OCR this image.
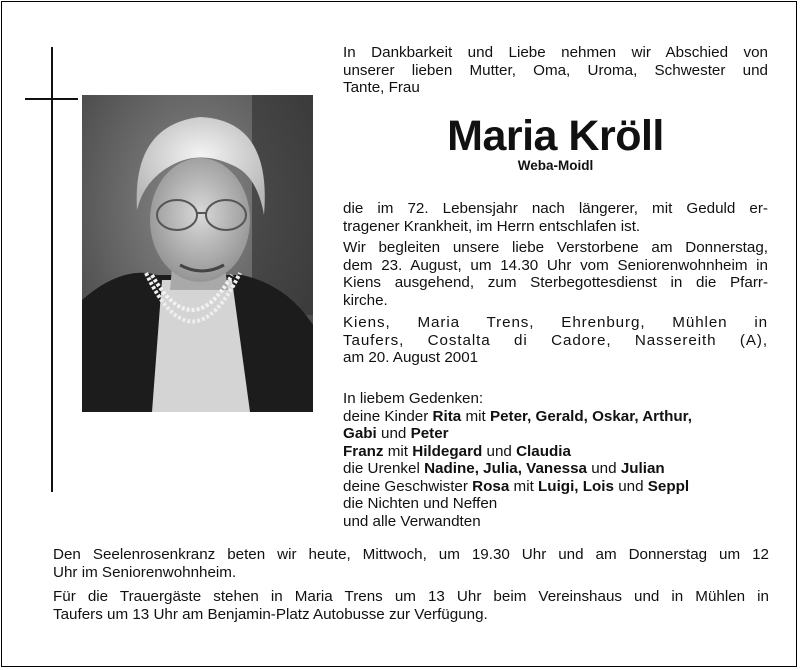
In Dankbarkeit und Liebe nehmen wir Abschied von
unserer lieben Mutter, Oma, Uroma, Schwester und
Tante, Frau
Maria Kröll
Weba-Moidl
die im 72. Lebensjahr nach längerer, mit Geduld er-
tragener Krankheit, im Herrn entschlafen ist.
Wir begleiten unsere liebe Verstorbene am Donnerstag,
dem 23. August, um 14.30 Uhr vom Seniorenwohnheim in
Kiens ausgehend, zum Sterbegottesdienst in die Pfarr-
kirche.
Kiens, Maria Trens, Ehrenburg, Mühlen in
Taufers, Costalta di Cadore, Nassereith (A),
am 20. August 2001
In liebem Gedenken:
deine Kinder Rita mit Peter, Gerald, Oskar, Arthur,
Gabi und Peter
Franz mit Hildegard und Claudia
die Urenkel Nadine, Julia, Vanessa und Julian
deine Geschwister Rosa mit Luigi, Lois und Seppl
die Nichten und Neffen
und alle Verwandten
Den Seelenrosenkranz beten wir heute, Mittwoch, um 19.30 Uhr und am Donnerstag um 12
Uhr im Seniorenwohnheim.
Für die Trauergäste stehen in Maria Trens um 13 Uhr beim Vereinshaus und in Mühlen in
Taufers um 13 Uhr am Benjamin-Platz Autobusse zur Verfügung.
